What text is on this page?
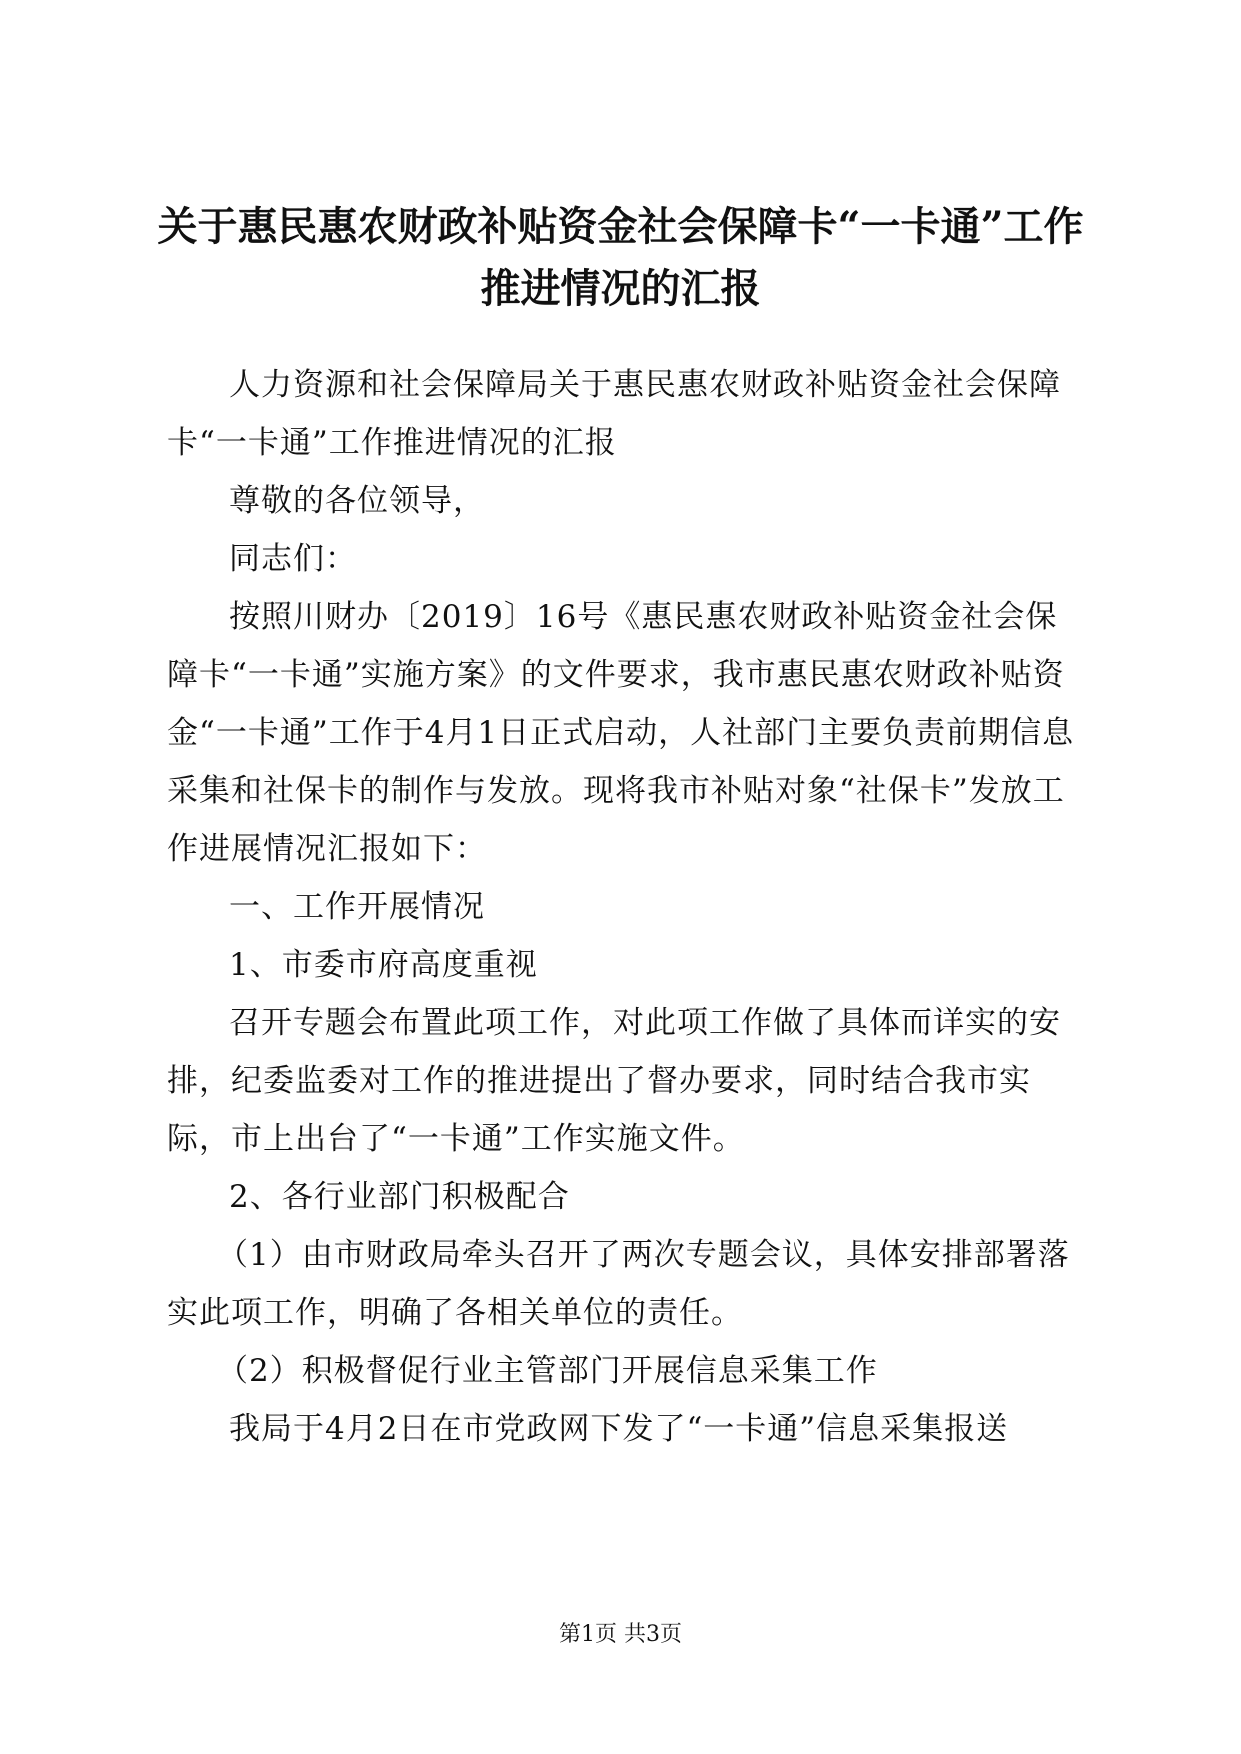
关于惠民惠农财政补贴资金社会保障卡“一卡通”工作推进情况的汇报

人力资源和社会保障局关于惠民惠农财政补贴资金社会保障卡“一卡通”工作推进情况的汇报

尊敬的各位领导，

同志们：

按照川财办〔2019〕16号《惠民惠农财政补贴资金社会保障卡“一卡通”实施方案》的文件要求，我市惠民惠农财政补贴资金“一卡通”工作于4月1日正式启动，人社部门主要负责前期信息采集和社保卡的制作与发放。现将我市补贴对象“社保卡”发放工作进展情况汇报如下：

一、工作开展情况

1、市委市府高度重视

召开专题会布置此项工作，对此项工作做了具体而详实的安排，纪委监委对工作的推进提出了督办要求，同时结合我市实际，市上出台了“一卡通”工作实施文件。

2、各行业部门积极配合

（1）由市财政局牵头召开了两次专题会议，具体安排部署落实此项工作，明确了各相关单位的责任。

（2）积极督促行业主管部门开展信息采集工作

我局于4月2日在市党政网下发了“一卡通”信息采集报送

第1页 共3页
